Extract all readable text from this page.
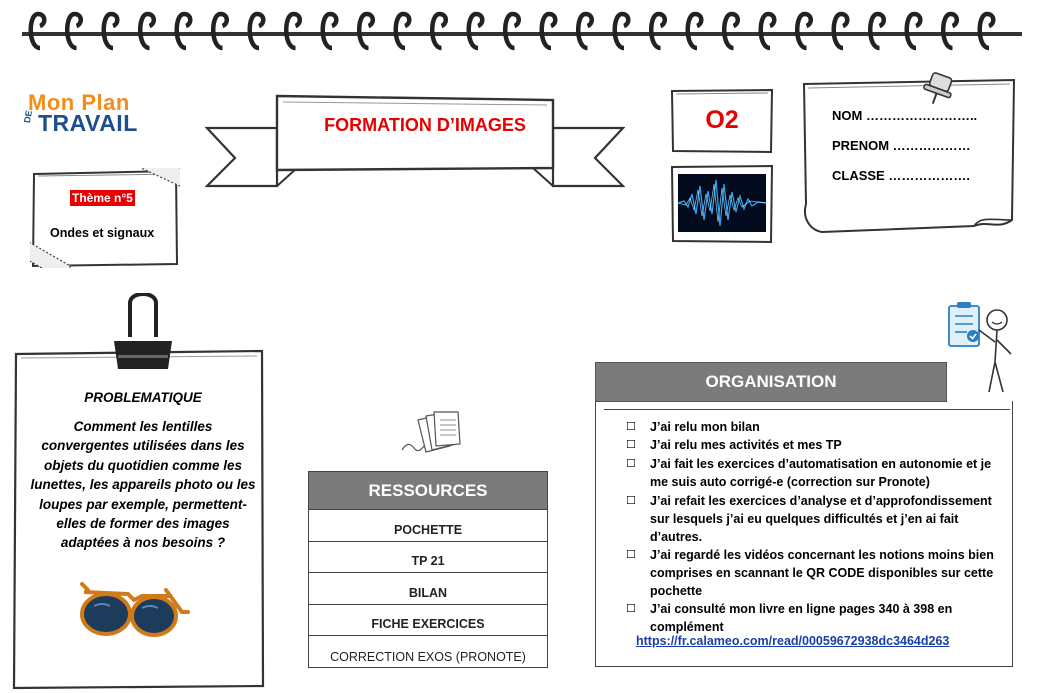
Mon Plan
DE TRAVAIL
Thème n°5
Ondes et signaux
FORMATION D’IMAGES	O2	NOM ……………………..
PRENOM ………………
CLASSE ……………….
PROBLEMATIQUE

Comment les lentilles convergentes utilisées dans les objets du quotidien comme les lunettes, les appareils photo ou les loupes par exemple, permettent-elles de former des images adaptées à nos besoins ?

RESSOURCES
POCHETTE
TP 21
BILAN
FICHE EXERCICES
CORRECTION EXOS (PRONOTE)
ORGANISATION
☐	J’ai relu mon bilan
☐	J’ai relu mes activités et mes TP
☐	J’ai fait les exercices d’automatisation en autonomie et je me suis auto corrigé-e (correction sur Pronote)
☐	J’ai refait les exercices d’analyse et d’approfondissement sur lesquels j’ai eu quelques difficultés et j’en ai fait d’autres.
☐	J’ai regardé les vidéos concernant les notions moins bien comprises en scannant le QR CODE disponibles sur cette pochette
☐	J’ai consulté mon livre en ligne pages 340 à 398 en complément
https://fr.calameo.com/read/00059672938dc3464d263
